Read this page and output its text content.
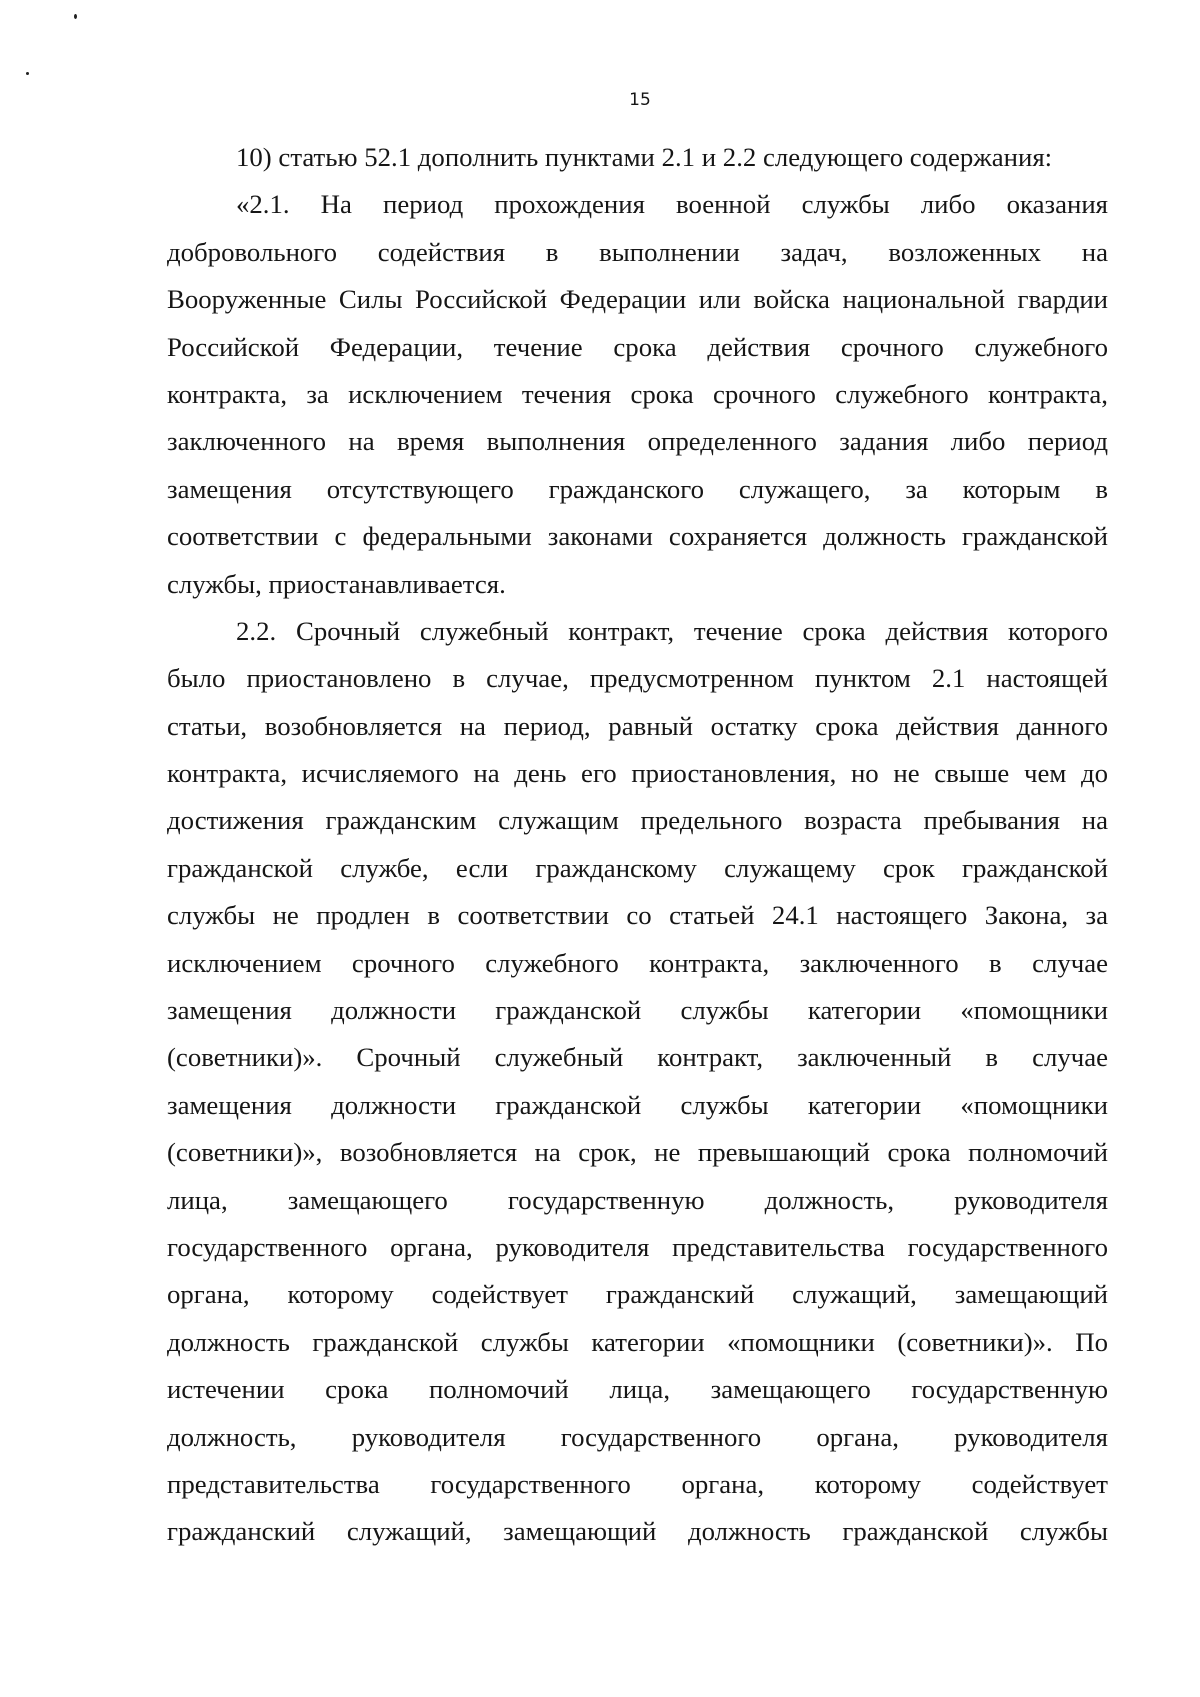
15
10) статью 52.1 дополнить пунктами 2.1 и 2.2 следующего содержания:
«2.1. На период прохождения военной службы либо оказания
добровольного содействия в выполнении задач, возложенных на
Вооруженные Силы Российской Федерации или войска национальной гвардии
Российской Федерации, течение срока действия срочного служебного
контракта, за исключением течения срока срочного служебного контракта,
заключенного на время выполнения определенного задания либо период
замещения отсутствующего гражданского служащего, за которым в
соответствии с федеральными законами сохраняется должность гражданской
службы, приостанавливается.
2.2. Срочный служебный контракт, течение срока действия которого
было приостановлено в случае, предусмотренном пунктом 2.1 настоящей
статьи, возобновляется на период, равный остатку срока действия данного
контракта, исчисляемого на день его приостановления, но не свыше чем до
достижения гражданским служащим предельного возраста пребывания на
гражданской службе, если гражданскому служащему срок гражданской
службы не продлен в соответствии со статьей 24.1 настоящего Закона, за
исключением срочного служебного контракта, заключенного в случае
замещения должности гражданской службы категории «помощники
(советники)». Срочный служебный контракт, заключенный в случае
замещения должности гражданской службы категории «помощники
(советники)», возобновляется на срок, не превышающий срока полномочий
лица, замещающего государственную должность, руководителя
государственного органа, руководителя представительства государственного
органа, которому содействует гражданский служащий, замещающий
должность гражданской службы категории «помощники (советники)». По
истечении срока полномочий лица, замещающего государственную
должность, руководителя государственного органа, руководителя
представительства государственного органа, которому содействует
гражданский служащий, замещающий должность гражданской службы
